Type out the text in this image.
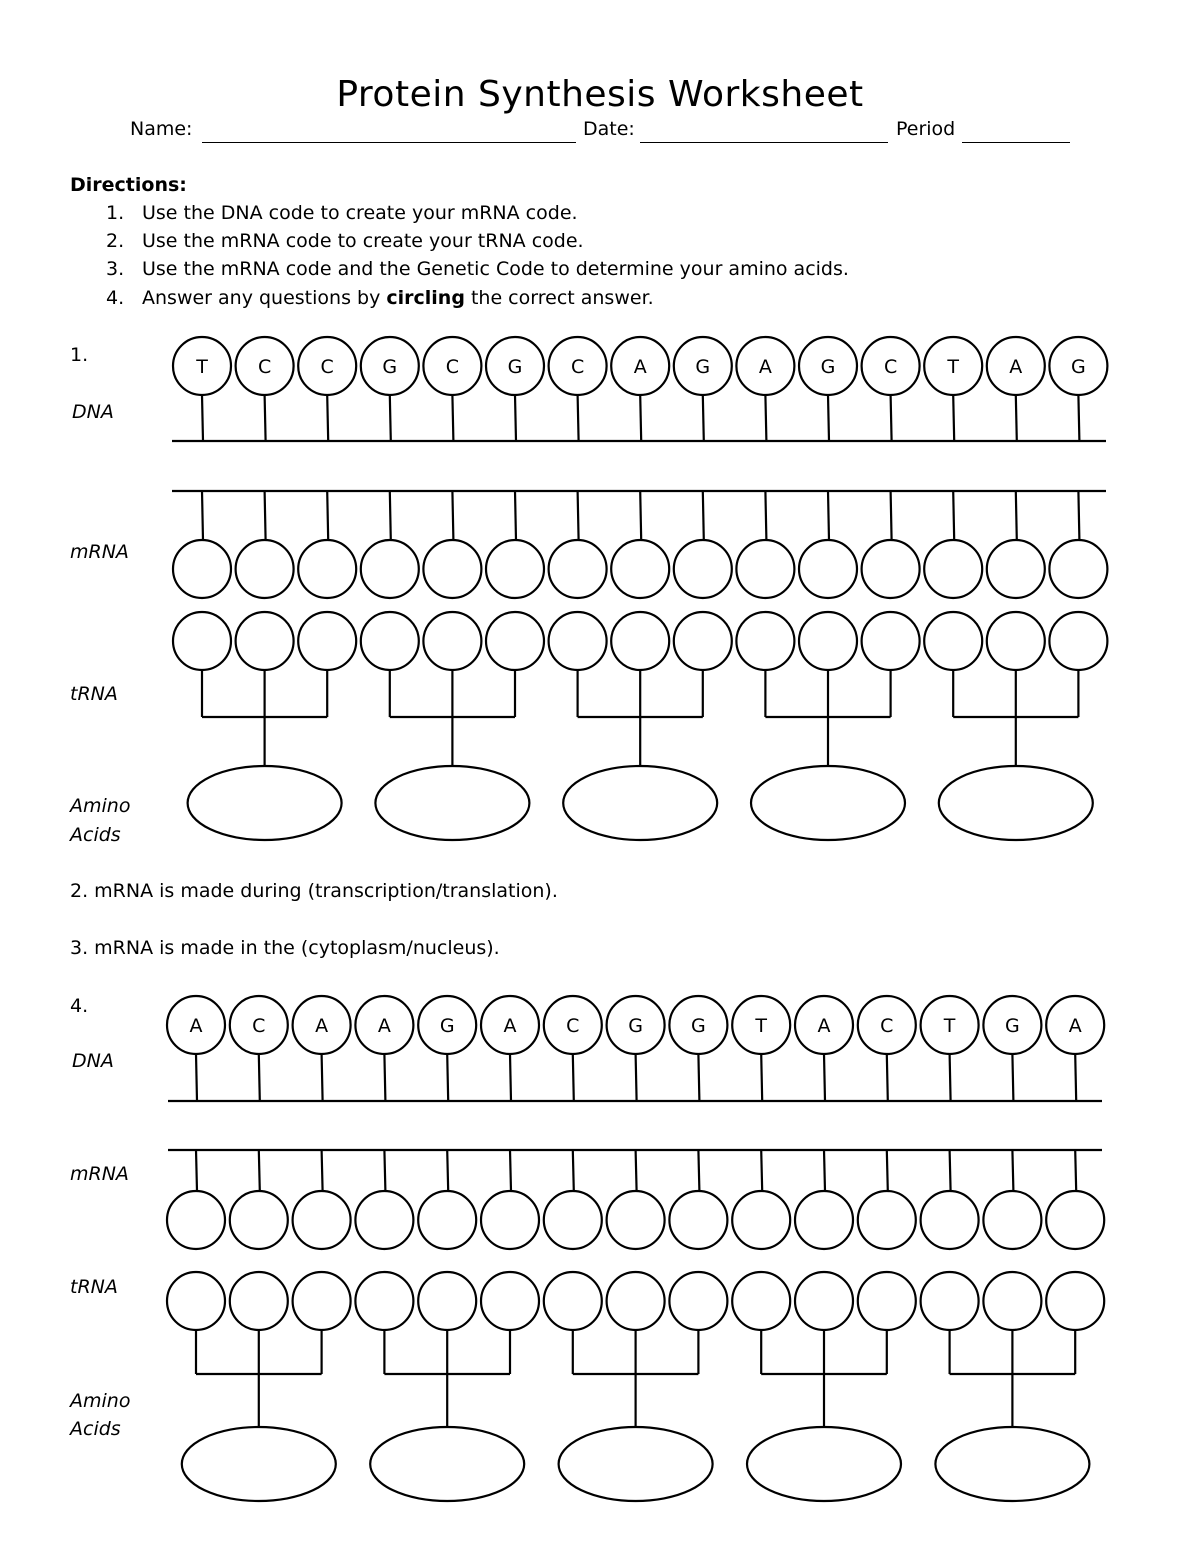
Protein Synthesis Worksheet
Name:	Date:	Period
Directions:
1. Use the DNA code to create your mRNA code.
2. Use the mRNA code to create your tRNA code.
3. Use the mRNA code and the Genetic Code to determine your amino acids.
4. Answer any questions by circling the correct answer.
1.
DNA
mRNA
tRNA
Amino
Acids
2. mRNA is made during (transcription/translation).
3. mRNA is made in the (cytoplasm/nucleus).
4.
DNA
mRNA
tRNA
Amino
Acids
T	C	C	G	C	G	C	A	G	A	G	C	T	A	G
A	C	A	A	G	A	C	G	G	T	A	C	T	G	A
